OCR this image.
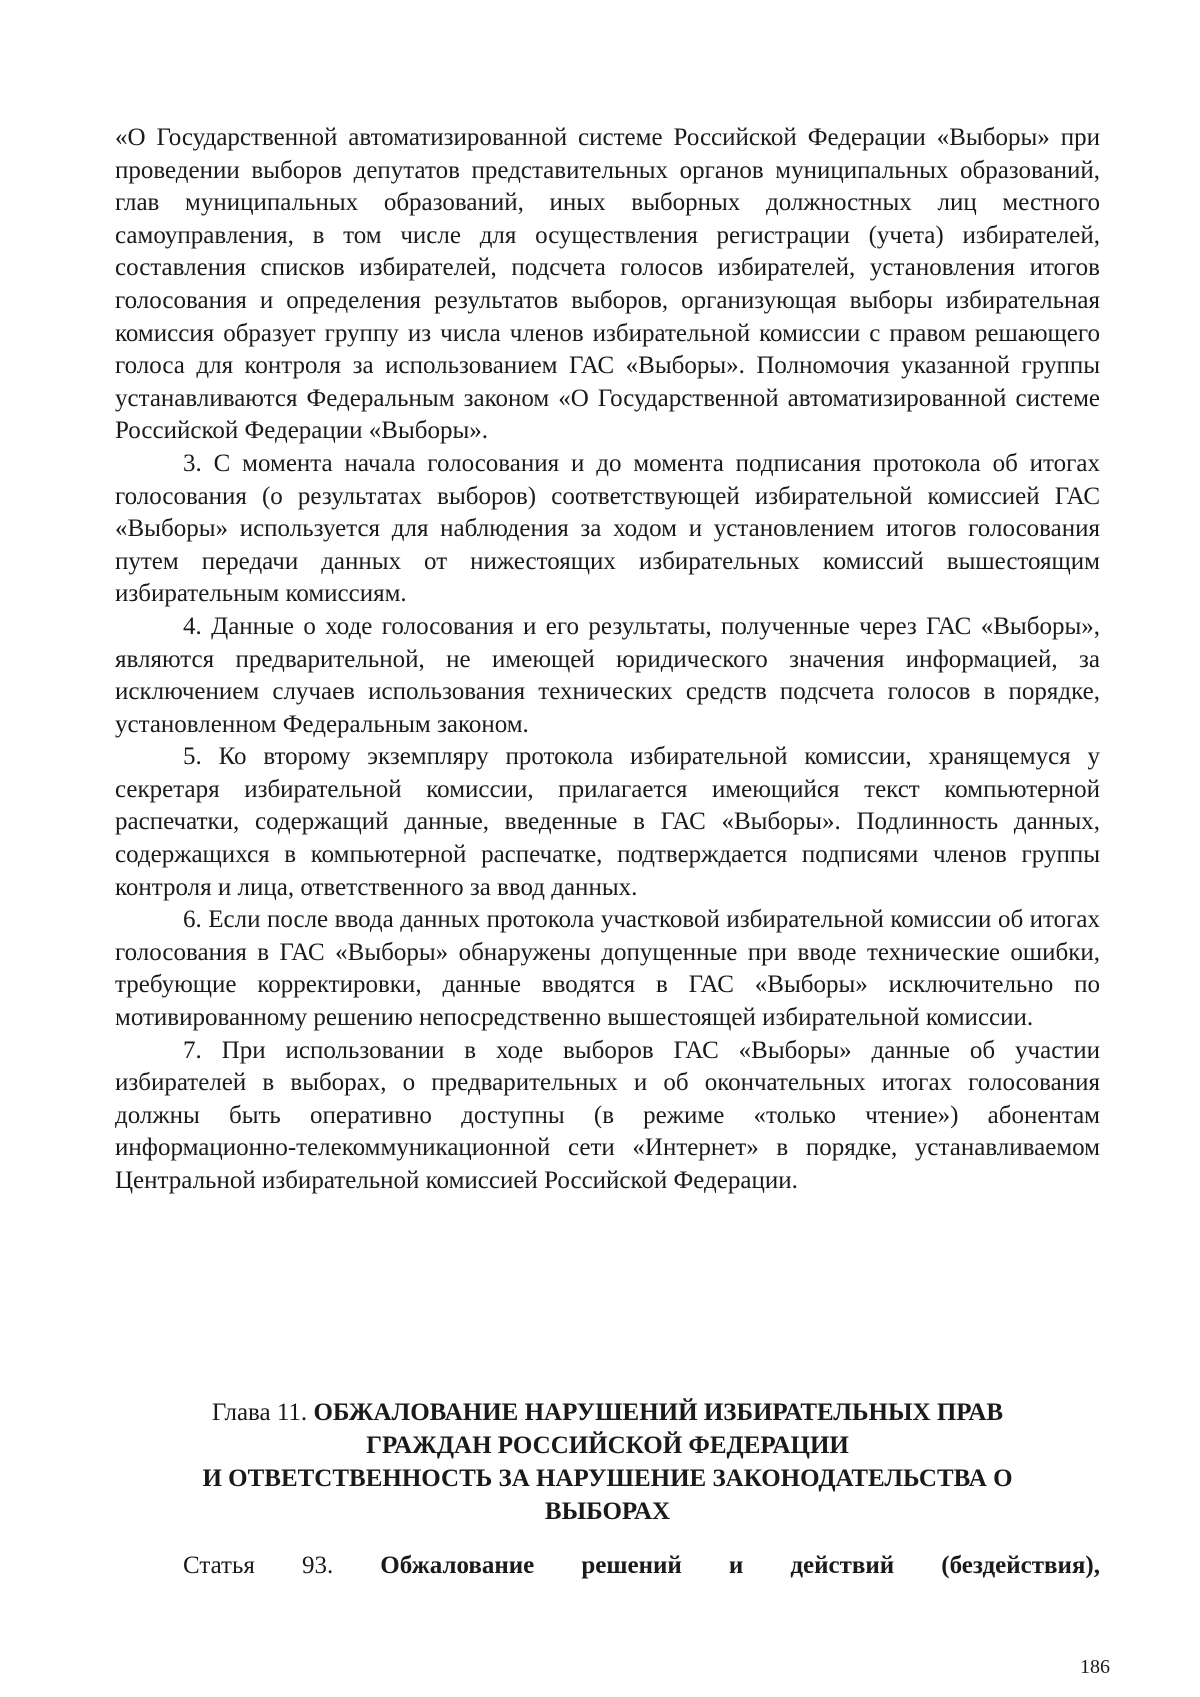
«О Государственной автоматизированной системе Российской Федерации «Выборы» при проведении выборов депутатов представительных органов муниципальных образований, глав муниципальных образований, иных выборных должностных лиц местного самоуправления, в том числе для осуществления регистрации (учета) избирателей, составления списков избирателей, подсчета голосов избирателей, установления итогов голосования и определения результатов выборов, организующая выборы избирательная комиссия образует группу из числа членов избирательной комиссии с правом решающего голоса для контроля за использованием ГАС «Выборы». Полномочия указанной группы устанавливаются Федеральным законом «О Государственной автоматизированной системе Российской Федерации «Выборы».

3. С момента начала голосования и до момента подписания протокола об итогах голосования (о результатах выборов) соответствующей избирательной комиссией ГАС «Выборы» используется для наблюдения за ходом и установлением итогов голосования путем передачи данных от нижестоящих избирательных комиссий вышестоящим избирательным комиссиям.

4. Данные о ходе голосования и его результаты, полученные через ГАС «Выборы», являются предварительной, не имеющей юридического значения информацией, за исключением случаев использования технических средств подсчета голосов в порядке, установленном Федеральным законом.

5. Ко второму экземпляру протокола избирательной комиссии, хранящемуся у секретаря избирательной комиссии, прилагается имеющийся текст компьютерной распечатки, содержащий данные, введенные в ГАС «Выборы». Подлинность данных, содержащихся в компьютерной распечатке, подтверждается подписями членов группы контроля и лица, ответственного за ввод данных.

6. Если после ввода данных протокола участковой избирательной комиссии об итогах голосования в ГАС «Выборы» обнаружены допущенные при вводе технические ошибки, требующие корректировки, данные вводятся в ГАС «Выборы» исключительно по мотивированному решению непосредственно вышестоящей избирательной комиссии.

7. При использовании в ходе выборов ГАС «Выборы» данные об участии избирателей в выборах, о предварительных и об окончательных итогах голосования должны быть оперативно доступны (в режиме «только чтение») абонентам информационно-телекоммуникационной сети «Интернет» в порядке, устанавливаемом Центральной избирательной комиссией Российской Федерации.

Глава 11. ОБЖАЛОВАНИЕ НАРУШЕНИЙ ИЗБИРАТЕЛЬНЫХ ПРАВ
ГРАЖДАН РОССИЙСКОЙ ФЕДЕРАЦИИ
И ОТВЕТСТВЕННОСТЬ ЗА НАРУШЕНИЕ ЗАКОНОДАТЕЛЬСТВА О
ВЫБОРАХ
Статья 93. Обжалование решений и действий (бездействия),
186
